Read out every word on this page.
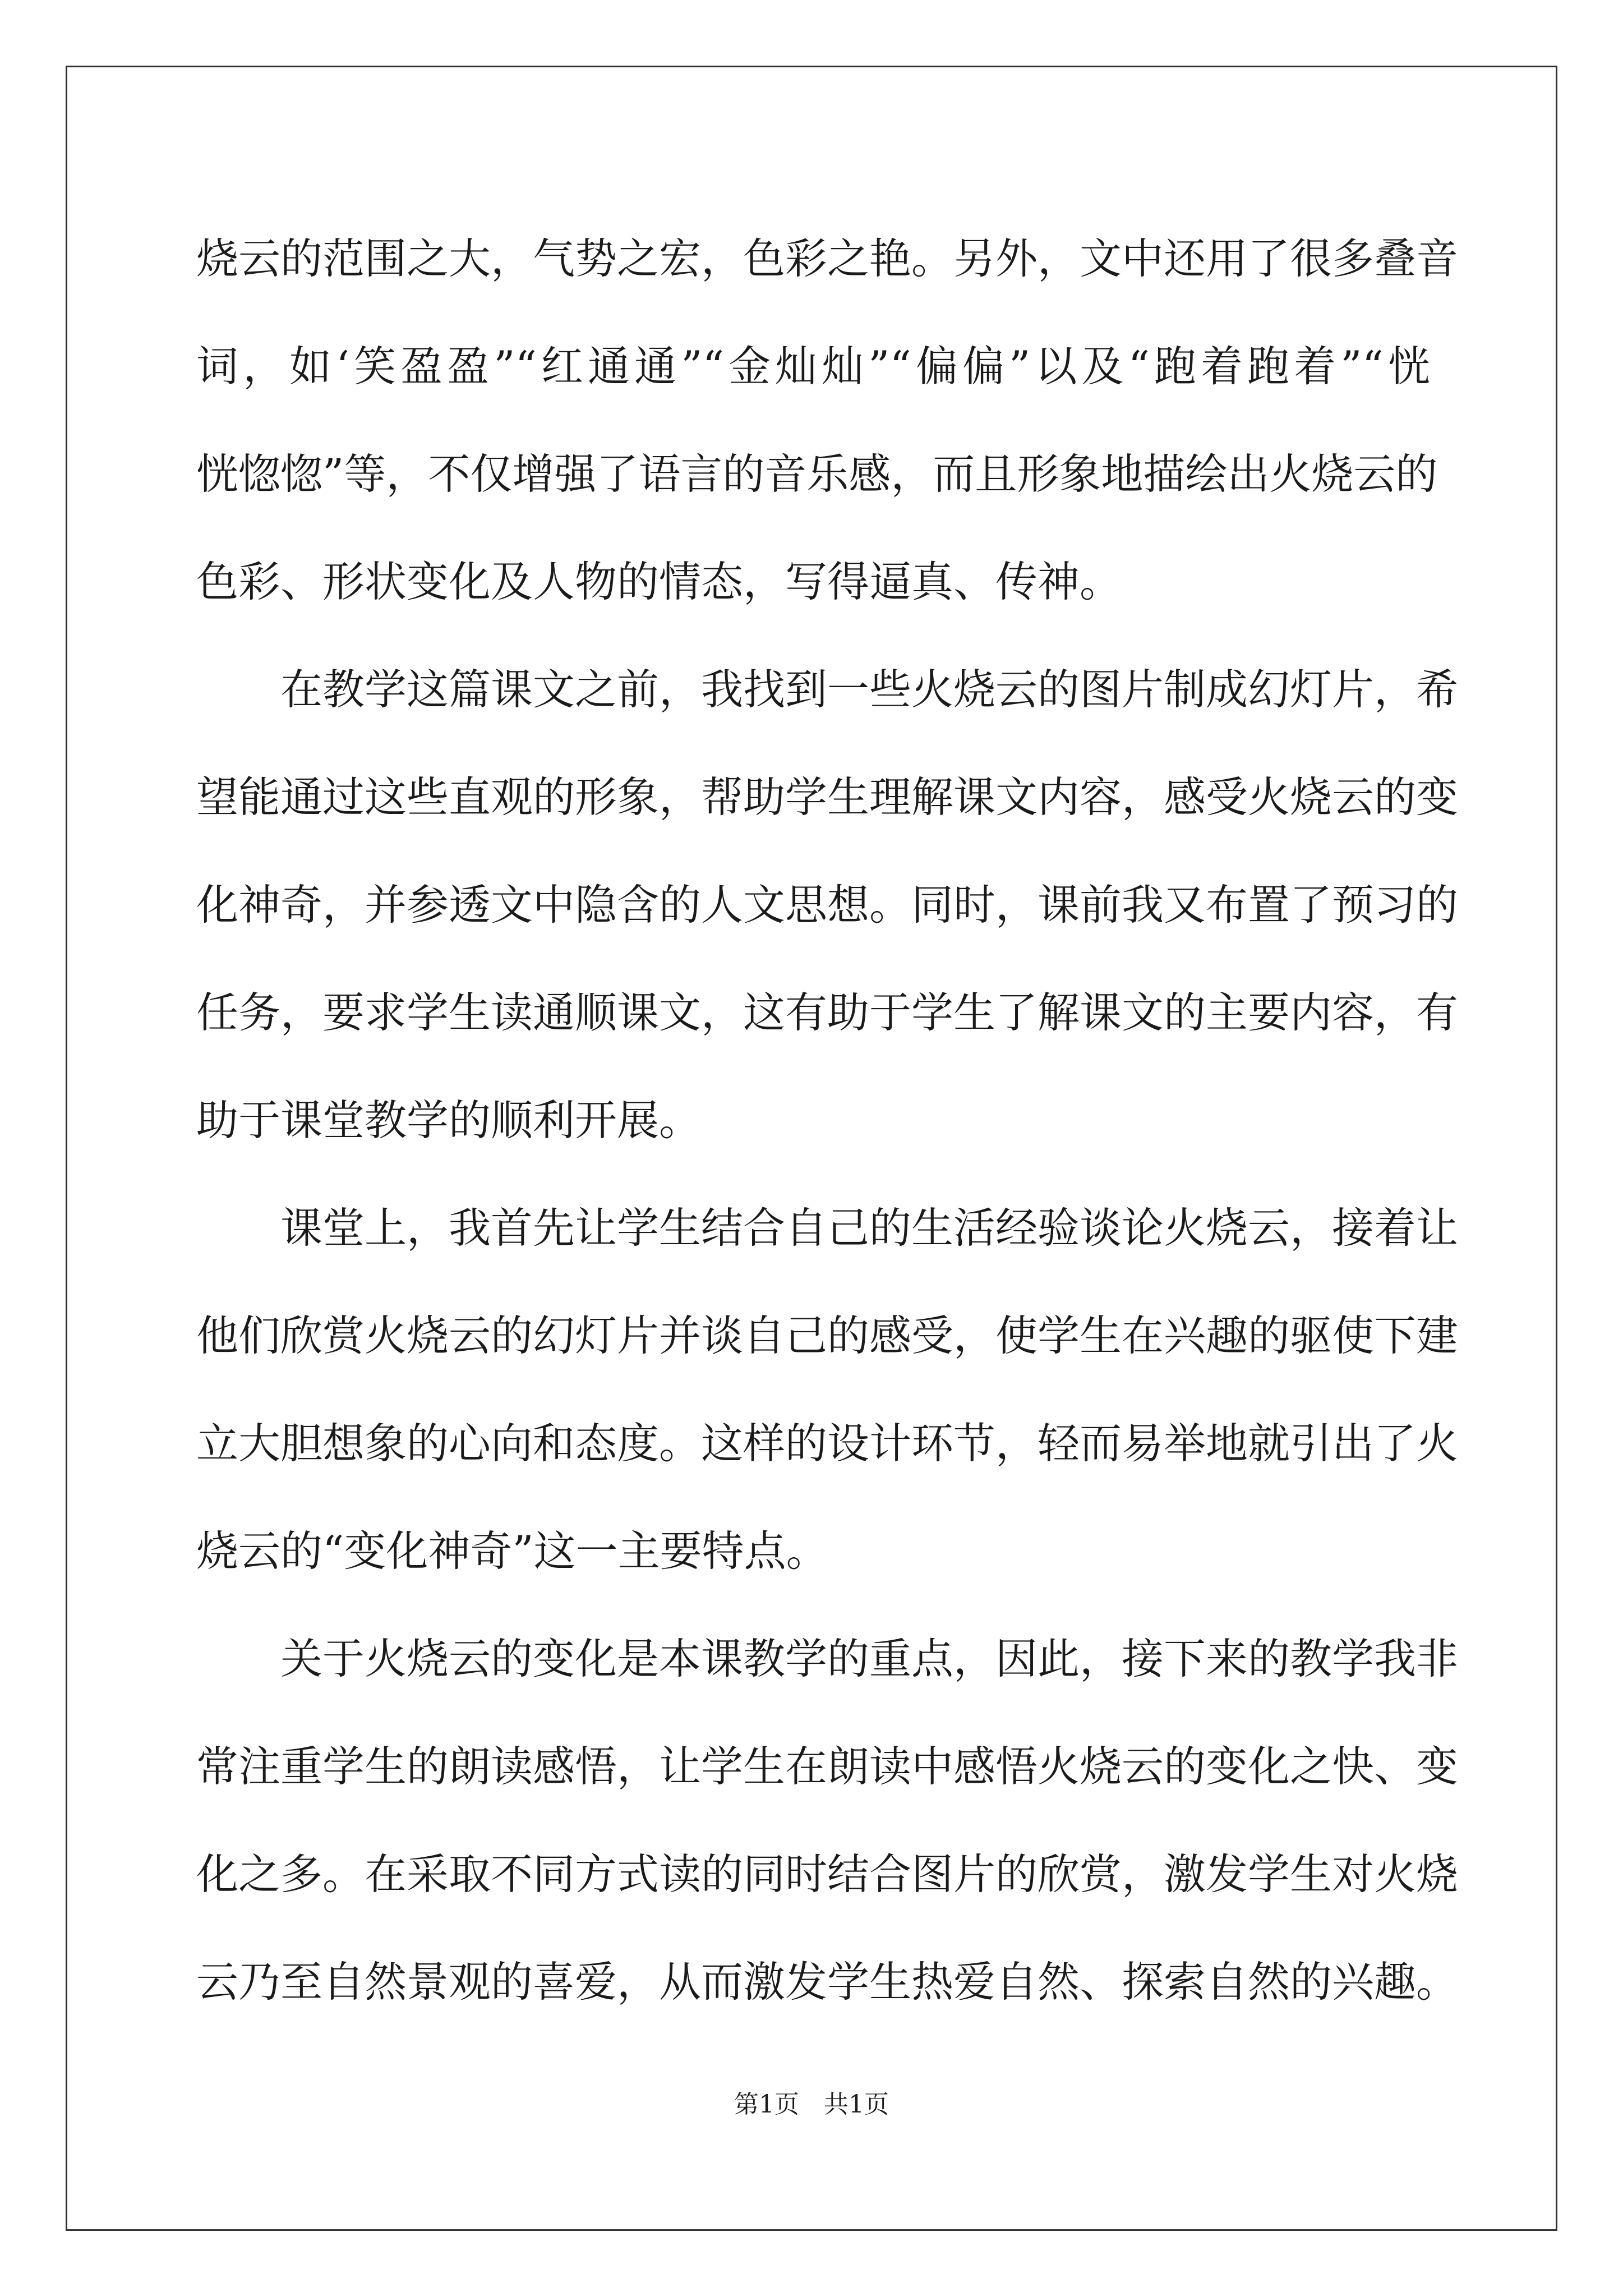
烧云的范围之大，气势之宏，色彩之艳。另外，文中还用了很多叠音
词，如‘笑盈盈”“红通通”“金灿灿”“偏偏”以及“跑着跑着”“恍
恍惚惚”等，不仅增强了语言的音乐感，而且形象地描绘出火烧云的
色彩、形状变化及人物的情态，写得逼真、传神。
在教学这篇课文之前，我找到一些火烧云的图片制成幻灯片，希
望能通过这些直观的形象，帮助学生理解课文内容，感受火烧云的变
化神奇，并参透文中隐含的人文思想。同时，课前我又布置了预习的
任务，要求学生读通顺课文，这有助于学生了解课文的主要内容，有
助于课堂教学的顺利开展。
课堂上，我首先让学生结合自己的生活经验谈论火烧云，接着让
他们欣赏火烧云的幻灯片并谈自己的感受，使学生在兴趣的驱使下建
立大胆想象的心向和态度。这样的设计环节，轻而易举地就引出了火
烧云的“变化神奇”这一主要特点。
关于火烧云的变化是本课教学的重点，因此，接下来的教学我非
常注重学生的朗读感悟，让学生在朗读中感悟火烧云的变化之快、变
化之多。在采取不同方式读的同时结合图片的欣赏，激发学生对火烧
云乃至自然景观的喜爱，从而激发学生热爱自然、探索自然的兴趣。
第1页　共1页
